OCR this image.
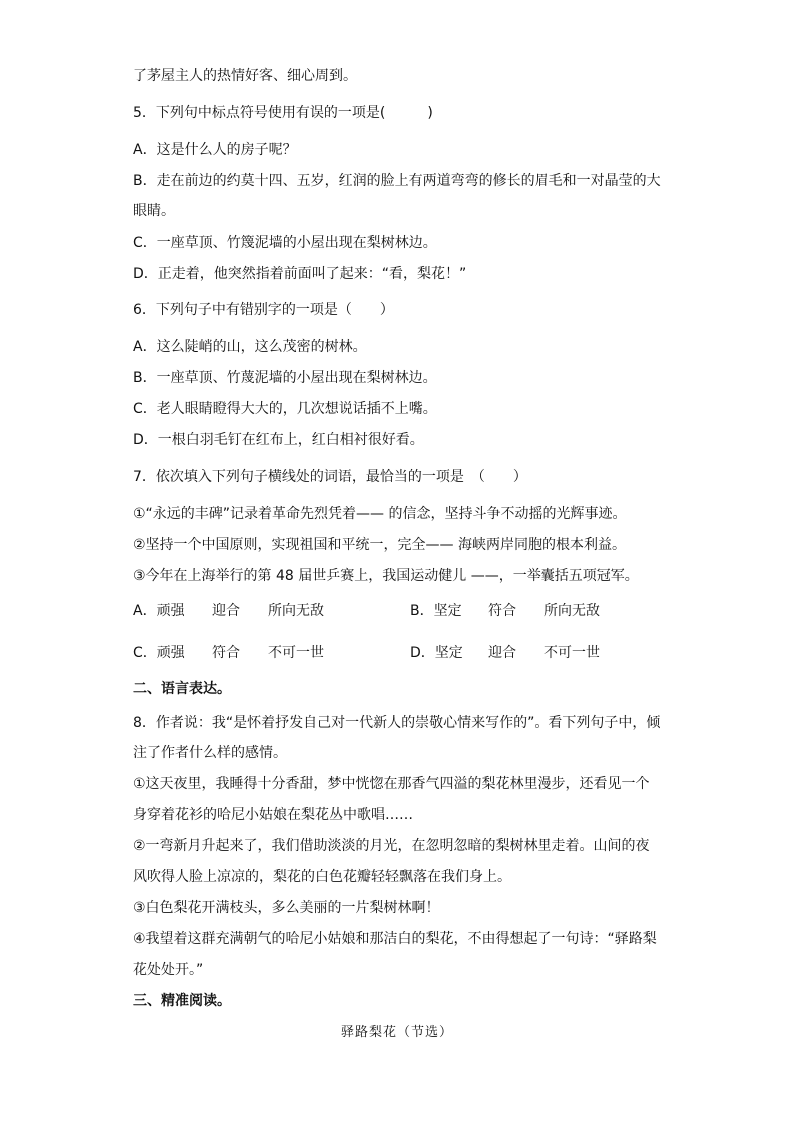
了茅屋主人的热情好客、细心周到。
5．下列句中标点符号使用有误的一项是(　　　)
A．这是什么人的房子呢？
B．走在前边的约莫十四、五岁，红润的脸上有两道弯弯的修长的眉毛和一对晶莹的大
眼睛。
C．一座草顶、竹篾泥墙的小屋出现在梨树林边。
D．正走着，他突然指着前面叫了起来：“看，梨花！”
6．下列句子中有错别字的一项是（　　）
A．这么陡峭的山，这么茂密的树林。
B．一座草顶、竹蔑泥墙的小屋出现在梨树林边。
C．老人眼睛瞪得大大的，几次想说话插不上嘴。
D．一根白羽毛钉在红布上，红白相衬很好看。
7．依次填入下列句子横线处的词语，最恰当的一项是　（　　）
①“永远的丰碑”记录着革命先烈凭着—— 的信念，坚持斗争不动摇的光辉事迹。
②坚持一个中国原则，实现祖国和平统一，完全—— 海峡两岸同胞的根本利益。
③今年在上海举行的第 48 届世乒赛上，我国运动健儿 ——，一举囊括五项冠军。
A．顽强 迎合 所向无敌	B．坚定 符合 所向无敌
C．顽强 符合 不可一世	D．坚定 迎合 不可一世
二、语言表达。
8．作者说：我“是怀着抒发自己对一代新人的崇敬心情来写作的”。看下列句子中，倾
注了作者什么样的感情。
①这天夜里，我睡得十分香甜，梦中恍惚在那香气四溢的梨花林里漫步，还看见一个
身穿着花衫的哈尼小姑娘在梨花丛中歌唱……
②一弯新月升起来了，我们借助淡淡的月光，在忽明忽暗的梨树林里走着。山间的夜
风吹得人脸上凉凉的，梨花的白色花瓣轻轻飘落在我们身上。
③白色梨花开满枝头，多么美丽的一片梨树林啊！
④我望着这群充满朝气的哈尼小姑娘和那洁白的梨花，不由得想起了一句诗：“驿路梨
花处处开。”
三、精准阅读。
驿路梨花（节选）
